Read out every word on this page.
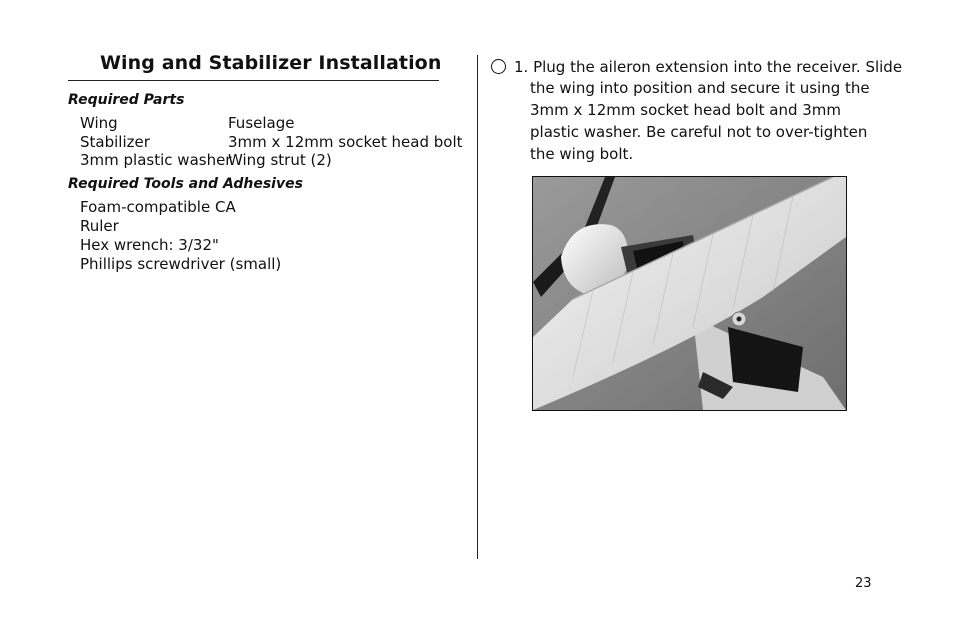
Wing and Stabilizer Installation
Required Parts
Wing	Fuselage
Stabilizer	3mm x 12mm socket head bolt
3mm plastic washer
Wing strut (2)
Required Tools and Adhesives
Foam-compatible CA
Ruler
Hex wrench: 3/32"
Phillips screwdriver (small)
1. Plug the aileron extension into the receiver. Slide
the wing into position and secure it using the
3mm x 12mm socket head bolt and 3mm
plastic washer. Be careful not to over-tighten
the wing bolt.
23
